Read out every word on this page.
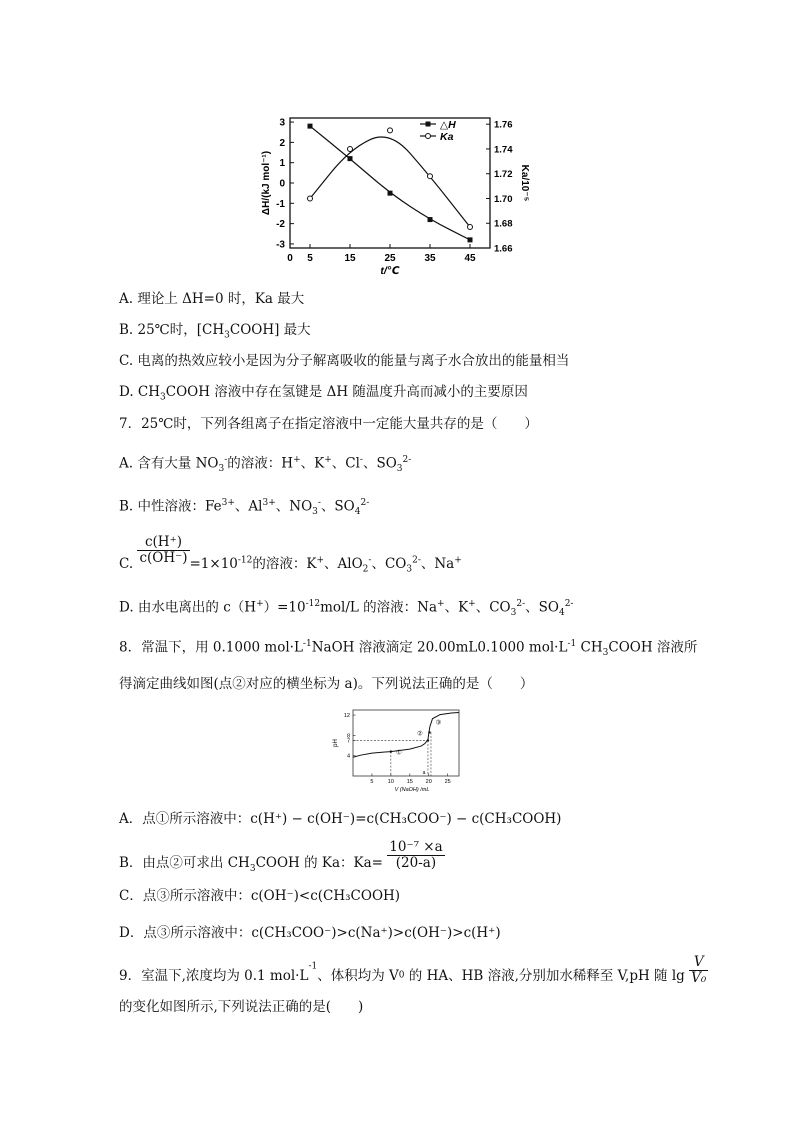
0 5	15	25	35	45
3
2
1
0
-1
-2
-3
1.76
1.74
1.72
1.70
1.68
1.66
t/℃
ΔH/(kJ mol⁻¹)	Ka/10⁻⁵
△H
Ka
A. 理论上 ΔH=0 时，Ka 最大
B. 25℃时，$[CH_3COOH]$ 最大
C. 电离的热效应较小是因为分子解离吸收的能量与离子水合放出的能量相当
D. $CH_3COOH$ 溶液中存在氢键是 ΔH 随温度升高而减小的主要原因
7．25℃时，下列各组离子在指定溶液中一定能大量共存的是（　　）
A. 含有大量 $NO_3^-$的溶液：H+、K+、Cl-、$SO_3^{2-}$
B. 中性溶液：$Fe^{3+}$、$Al^{3+}$、$NO_3^-$、$SO_4^{2-}$
C. $\frac{c(H^+)}{c(OH^-)} =1\times 10^{-12}$的溶液：K+、AlO$_2$-、$CO_3^{2-}$、Na+
D. 由水电离出的 $c(H^+)=10^{-12}mol/L$ 的溶液：Na+、K+、$CO_3^{2-}$、$SO_4^{2-}$
8．常温下，用 0.1000 $mol\cdot L^{-1}NaOH$ 溶液滴定 20.00mL0.1000 $mol\cdot L^{-1}$ $CH_3COOH$ 溶液所
得滴定曲线如图(点②对应的横坐标为 a)。下列说法正确的是（　　）
5	10 15 20 25
12
8
7
4
pH
V (NaOH) /mL
a
①
②
③
A．点①所示溶液中：c(H⁺) − c(OH⁻)=c(CH₃COO⁻) − c(CH₃COOH)
B．由点②可求出 $CH_3COOH$ 的 Ka：$Ka= \frac{\text{10⁻⁷ ×a}}{(20-a)}$
C．点③所示溶液中：c(OH⁻)<c(CH₃COOH)
D．点③所示溶液中：c(CH₃COO⁻)>c(Na⁺)>c(OH⁻)>c(H⁺)
9．室温下,浓度均为 0.1 $mol\cdot L^{-1}$、体积均为 $V_0$ 的 HA、HB 溶液,分别加水稀释至 V,pH 随 $\lg \frac{V}{\text{V₀}}$
的变化如图所示,下列说法正确的是(　　)
